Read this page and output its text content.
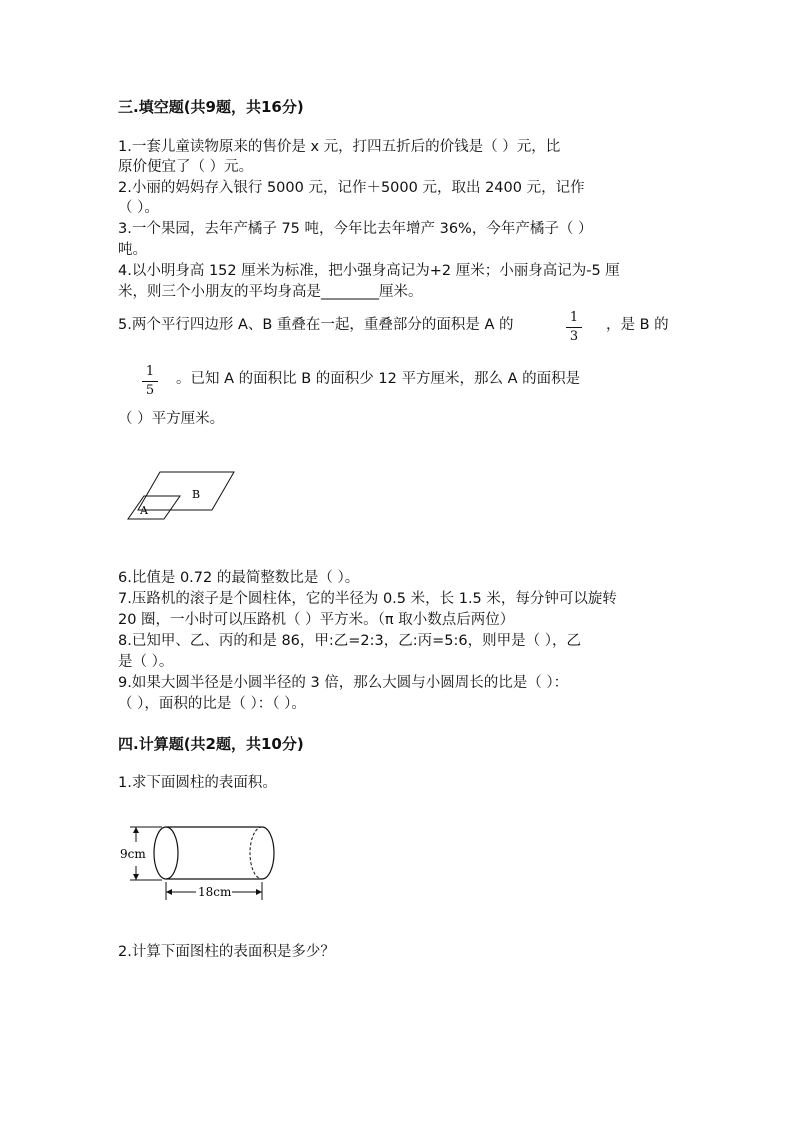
三.填空题(共9题，共16分)
1.一套儿童读物原来的售价是 x 元，打四五折后的价钱是（ ）元，比
原价便宜了（ ）元。
2.小丽的妈妈存入银行 5000 元，记作＋5000 元，取出 2400 元，记作
（ ）。
3.一个果园，去年产橘子 75 吨，今年比去年增产 36%，今年产橘子（ ）
吨。
4.以小明身高 152 厘米为标准，把小强身高记为+2 厘米；小丽身高记为-5 厘
米，则三个小朋友的平均身高是________厘米。
5.两个平行四边形 A、B 重叠在一起，重叠部分的面积是 A 的	1
3
，是 B 的
1
5
。已知 A 的面积比 B 的面积少 12 平方厘米，那么 A 的面积是
（ ）平方厘米。
A
B
6.比值是 0.72 的最简整数比是（ ）。
7.压路机的滚子是个圆柱体，它的半径为 0.5 米，长 1.5 米，每分钟可以旋转
20 圈，一小时可以压路机（ ）平方米。（π 取小数点后两位）
8.已知甲、乙、丙的和是 86，甲:乙=2:3，乙:丙=5:6，则甲是（ ），乙
是（ ）。
9.如果大圆半径是小圆半径的 3 倍，那么大圆与小圆周长的比是（ ）：
（ ），面积的比是（ ）：（ ）。
四.计算题(共2题，共10分)
1.求下面圆柱的表面积。
9cm
18cm
2.计算下面图柱的表面积是多少？
